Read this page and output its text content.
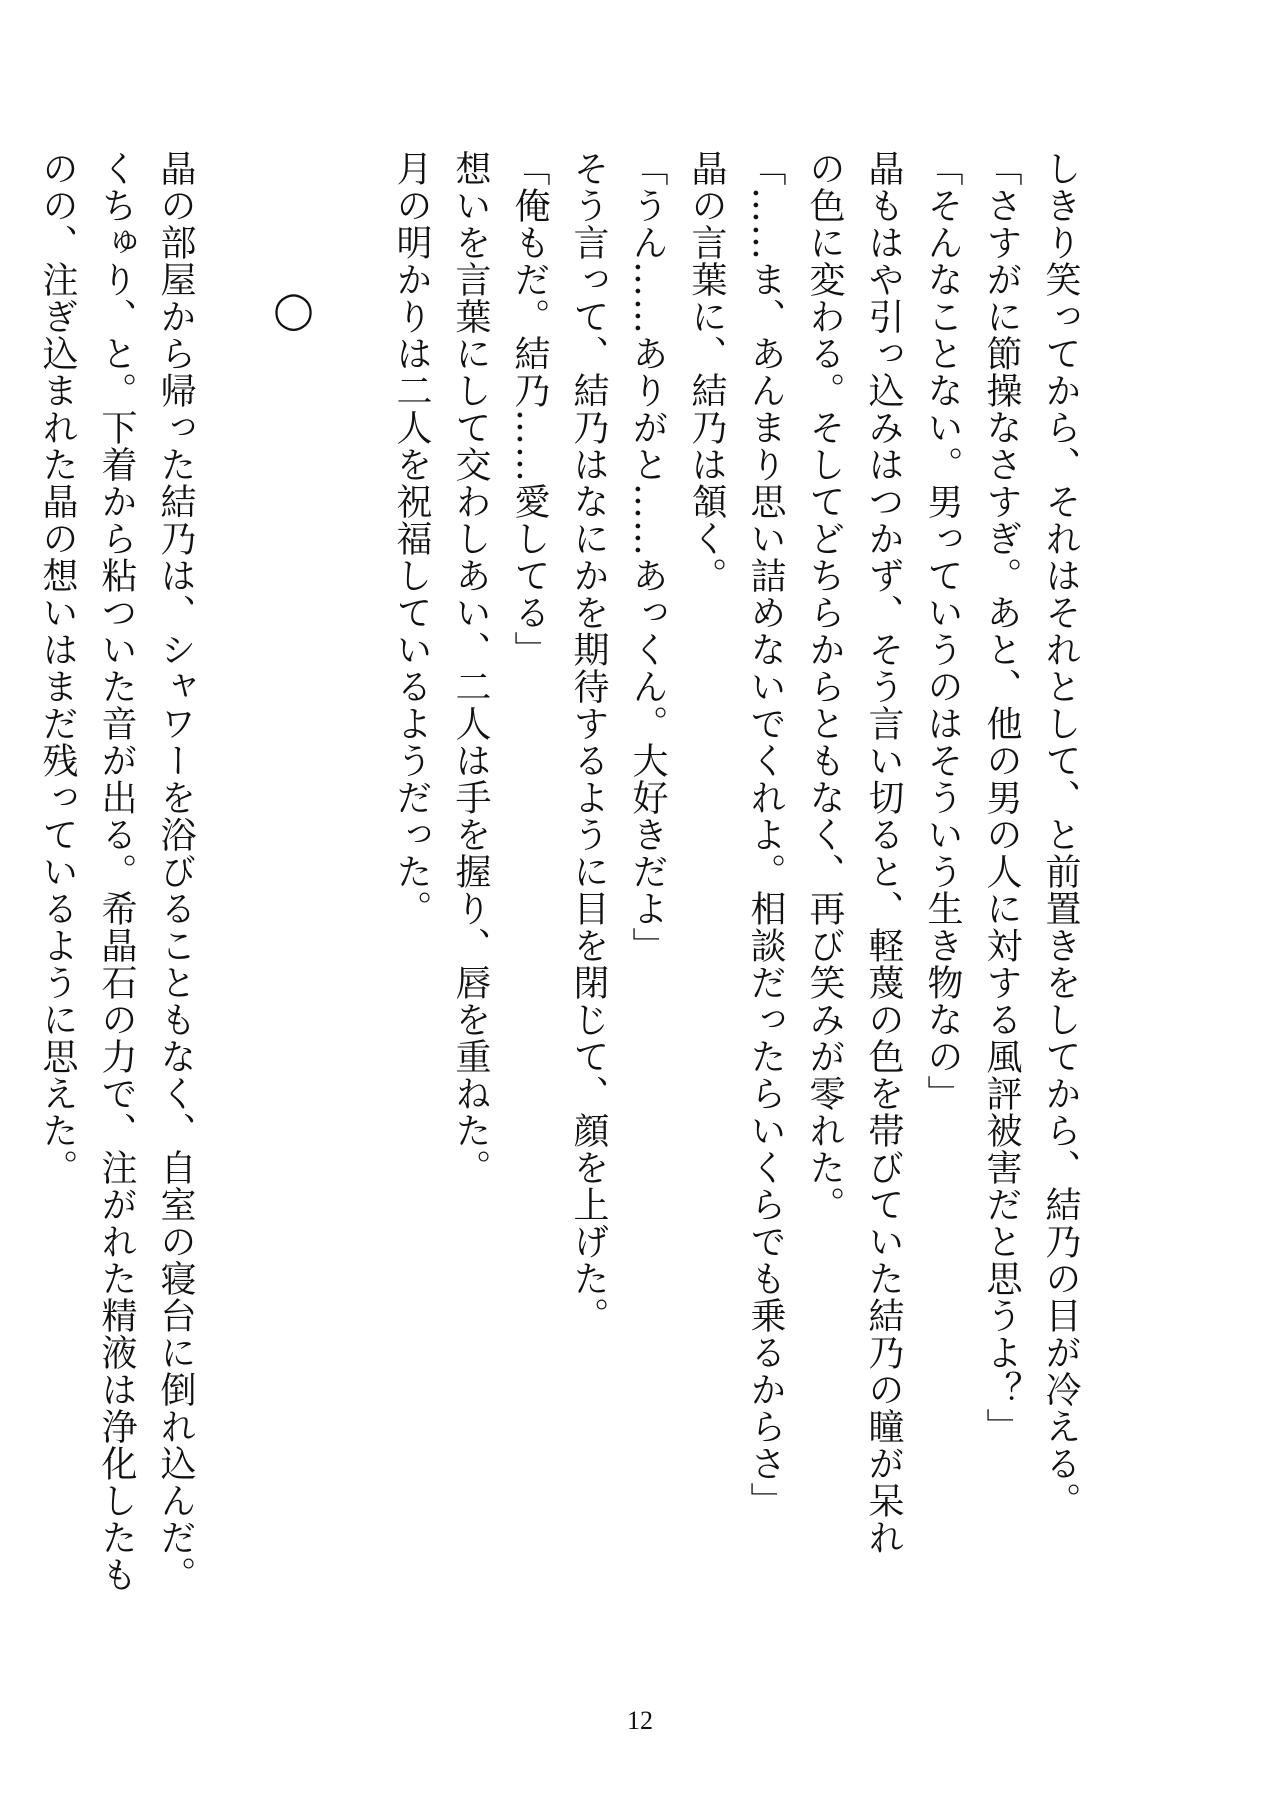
しきり笑ってから、それはそれとして、と前置きをしてから、結乃の目が冷える。

「さすがに節操なさすぎ。あと、他の男の人に対する風評被害だと思うよ？」

「そんなことない。男っていうのはそういう生き物なの」

晶もはや引っ込みはつかず、そう言い切ると、軽蔑の色を帯びていた結乃の瞳が呆れ

の色に変わる。そしてどちらからともなく、再び笑みが零れた。

「……ま、あんまり思い詰めないでくれよ。相談だったらいくらでも乗るからさ」

晶の言葉に、結乃は頷く。

「うん……ありがと……あっくん。大好きだよ」

そう言って、結乃はなにかを期待するように目を閉じて、顔を上げた。

「俺もだ。結乃……愛してる」

想いを言葉にして交わしあい、二人は手を握り、唇を重ねた。

月の明かりは二人を祝福しているようだった。

◯

晶の部屋から帰った結乃は、シャワーを浴びることもなく、自室の寝台に倒れ込んだ。

くちゅり、と。下着から粘ついた音が出る。希晶石の力で、注がれた精液は浄化したも

のの、注ぎ込まれた晶の想いはまだ残っているように思えた。

12
